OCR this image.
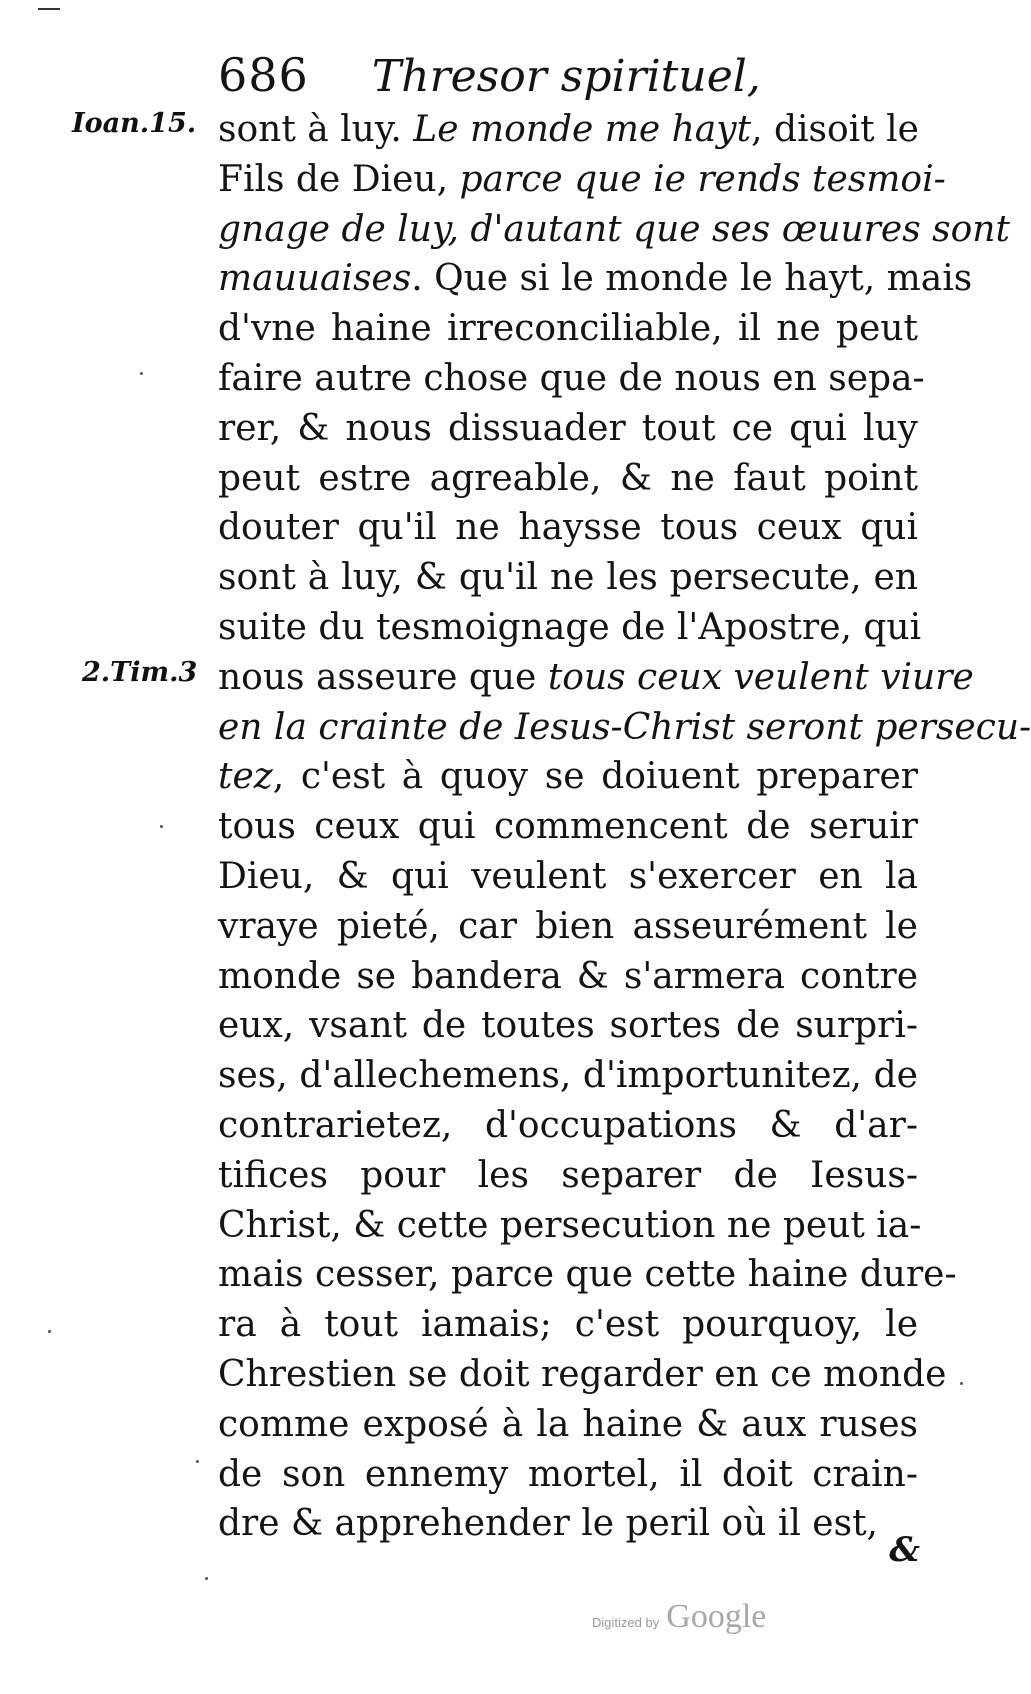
686 Thresor spirituel,
Ioan.15.
2.Tim.3
sont à luy. Le monde me hayt, disoit le
Fils de Dieu, parce que ie rends tesmoi-
gnage de luy, d'autant que ses œuures sont
mauuaises. Que si le monde le hayt, mais
d'vne haine irreconciliable, il ne peut
faire autre chose que de nous en sepa-
rer, & nous dissuader tout ce qui luy
peut estre agreable, & ne faut point
douter qu'il ne haysse tous ceux qui
sont à luy, & qu'il ne les persecute, en
suite du tesmoignage de l'Apostre, qui
nous asseure que tous ceux veulent viure
en la crainte de Iesus-Christ seront persecu-
tez, c'est à quoy se doiuent preparer
tous ceux qui commencent de seruir
Dieu, & qui veulent s'exercer en la
vraye pieté, car bien asseurément le
monde se bandera & s'armera contre
eux, vsant de toutes sortes de surpri-
ses, d'allechemens, d'importunitez, de
contrarietez, d'occupations & d'ar-
tifices pour les separer de Iesus-
Christ, & cette persecution ne peut ia-
mais cesser, parce que cette haine dure-
ra à tout iamais; c'est pourquoy, le
Chrestien se doit regarder en ce monde
comme exposé à la haine & aux ruses
de son ennemy mortel, il doit crain-
dre & apprehender le peril où il est,
&
Digitized by Google
